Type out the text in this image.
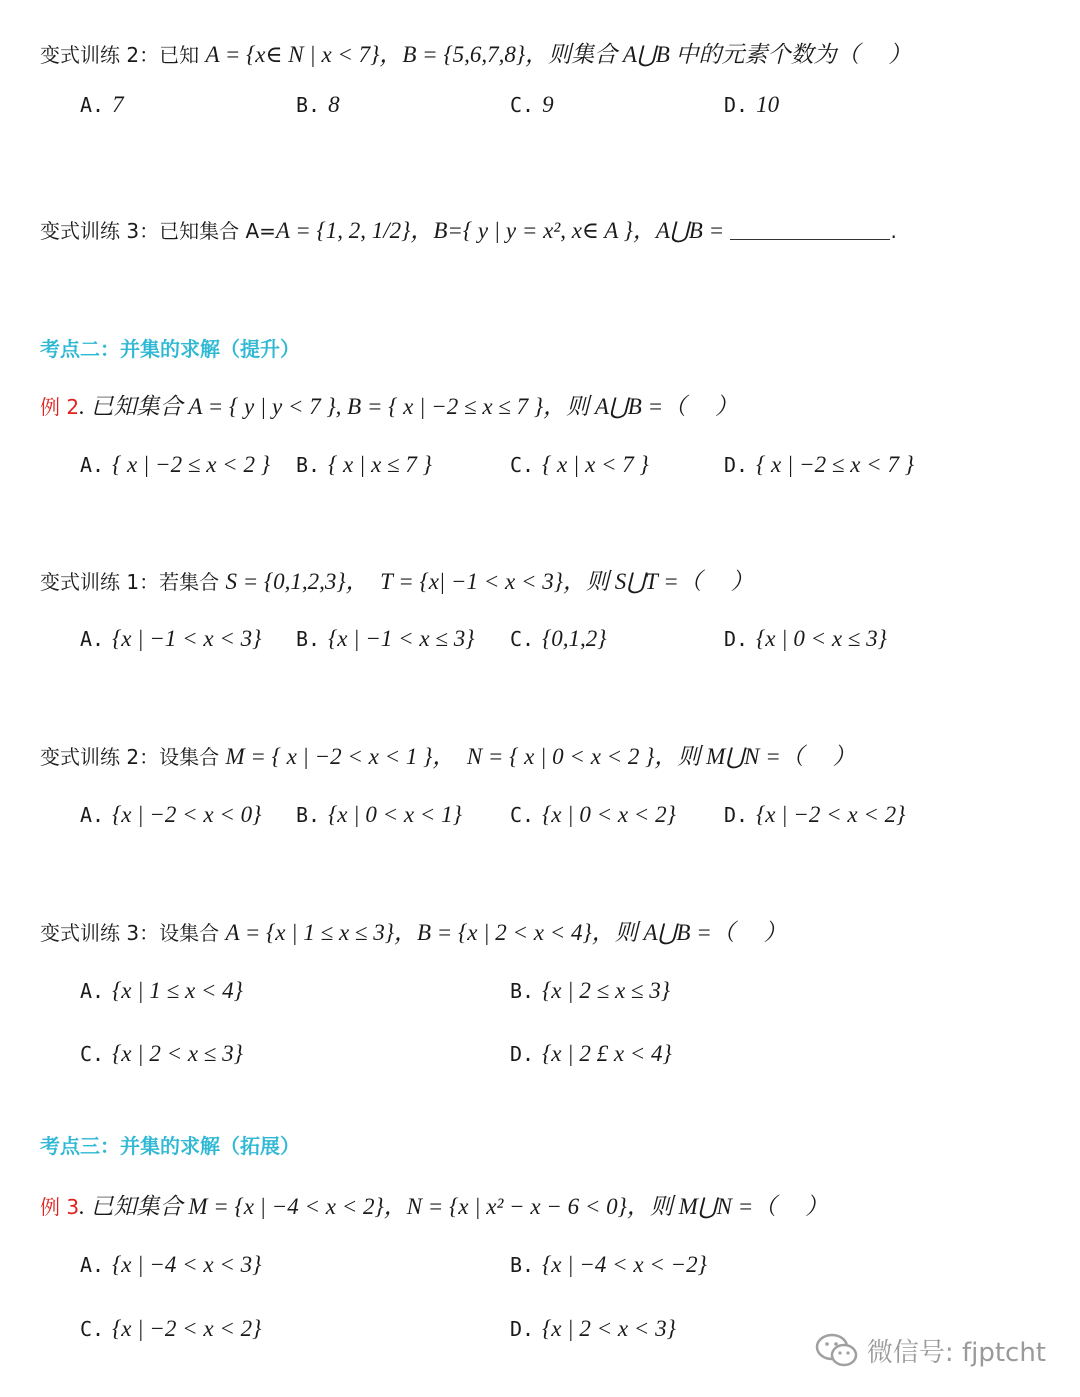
变式训练 2：已知 A = {x∈ N | x < 7}，B = {5,6,7,8}，则集合 A⋃B 中的元素个数为（　 ）
A. 7	B. 8	C. 9	D. 10
变式训练 3：已知集合 A=A = {1, 2, 1/2}，B={ y | y = x², x∈ A }，A⋃B =	.
考点二：并集的求解（提升）
例 2. 已知集合 A = { y | y < 7 }, B = { x | −2 ≤ x ≤ 7 }，则 A⋃B =（　 ）
A. { x | −2 ≤ x < 2 } B. { x | x ≤ 7 }	C. { x | x < 7 }	D. { x | −2 ≤ x < 7 }
变式训练 1：若集合 S = {0,1,2,3}，　T = {x| −1 < x < 3}，则 S⋃T =（　 ）
A. {x | −1 < x < 3} B. {x | −1 < x ≤ 3} C. {0,1,2}	D. {x | 0 < x ≤ 3}
变式训练 2：设集合 M = { x | −2 < x < 1 }，　N = { x | 0 < x < 2 }，则 M⋃N =（　 ）
A. {x | −2 < x < 0} B. {x | 0 < x < 1} C. {x | 0 < x < 2} D. {x | −2 < x < 2}
变式训练 3：设集合 A = {x | 1 ≤ x ≤ 3}，B = {x | 2 < x < 4}，则 A⋃B =（　 ）
A. {x | 1 ≤ x < 4}	B. {x | 2 ≤ x ≤ 3}
C. {x | 2 < x ≤ 3}	D. {x | 2 £ x < 4}
考点三：并集的求解（拓展）
例 3. 已知集合 M = {x | −4 < x < 2}，N = {x | x² − x − 6 < 0}，则 M⋃N =（　 ）
A. {x | −4 < x < 3}	B. {x | −4 < x < −2}
C. {x | −2 < x < 2}	D. {x | 2 < x < 3}
微信号: fjptcht
